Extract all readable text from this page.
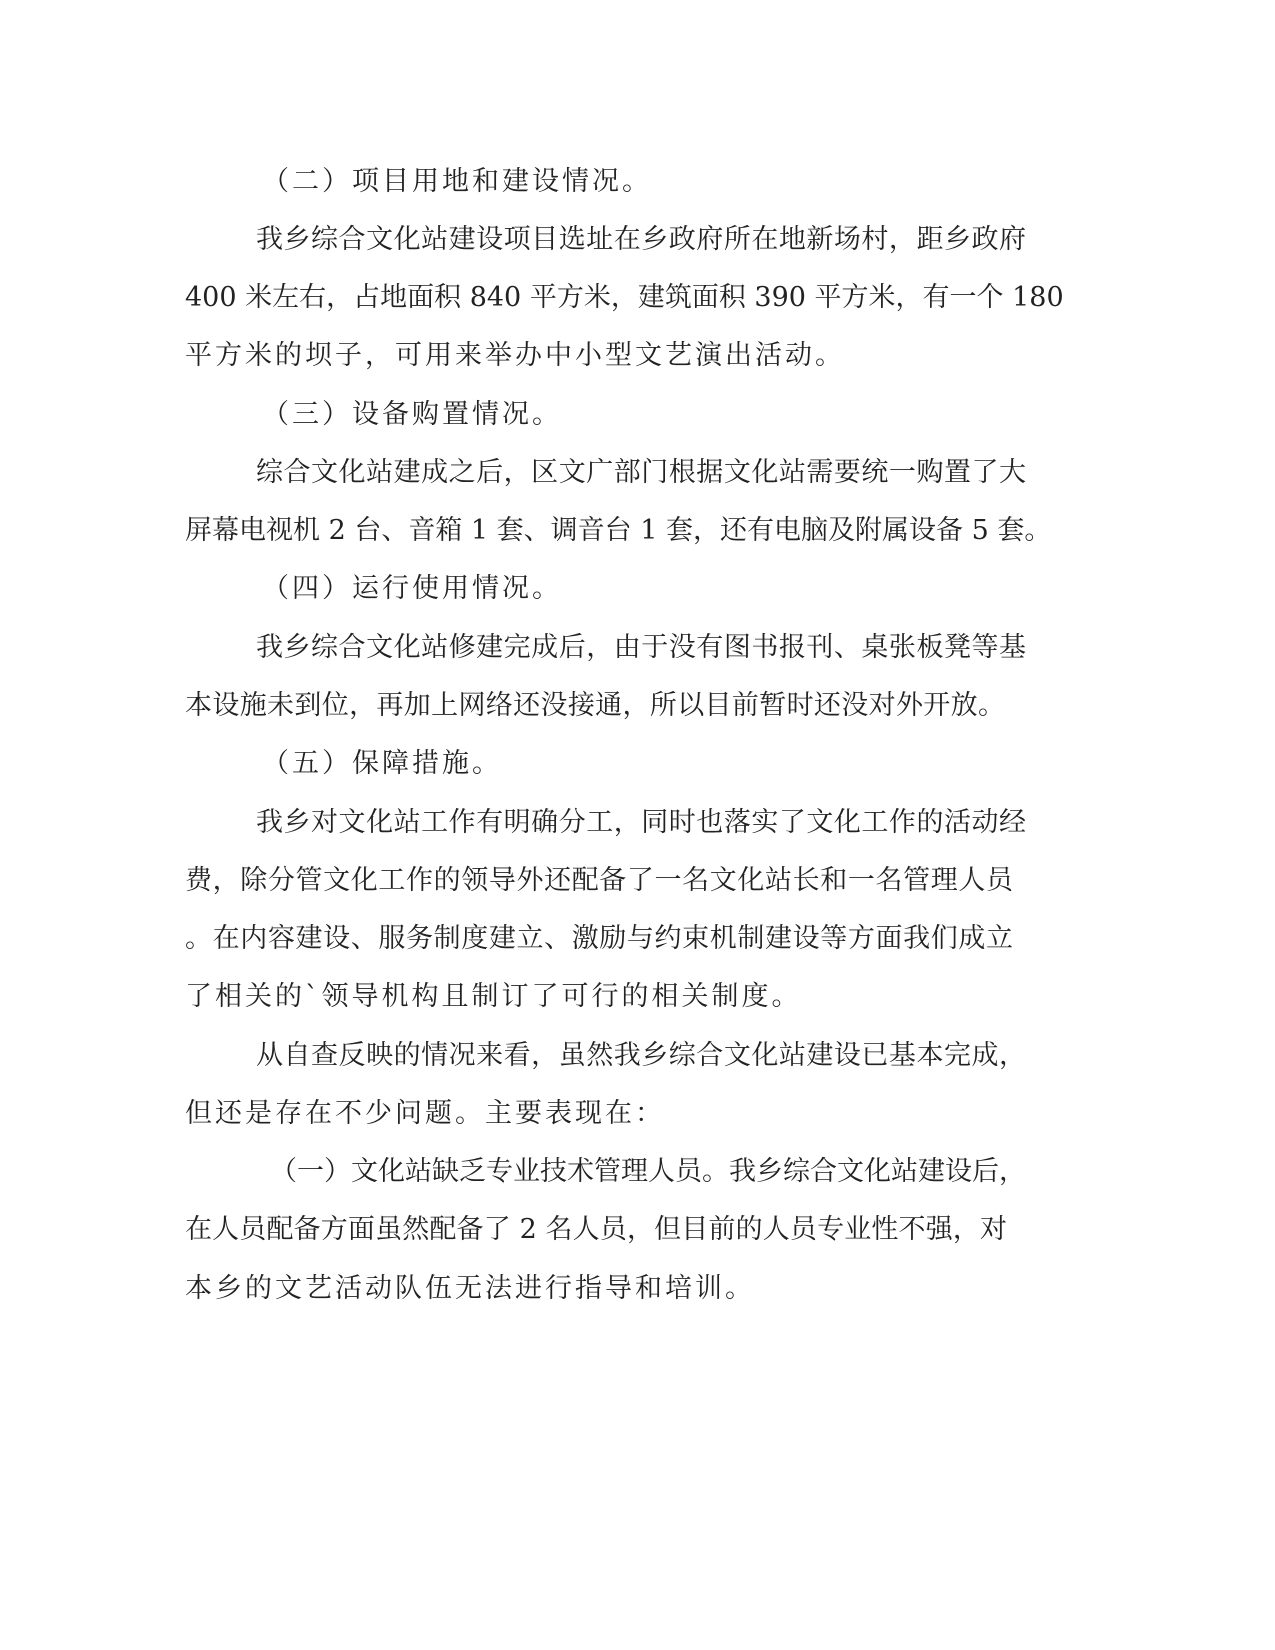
（二）项目用地和建设情况。
我乡综合文化站建设项目选址在乡政府所在地新场村，距乡政府
400 米左右，占地面积 840 平方米，建筑面积 390 平方米，有一个 180
平方米的坝子，可用来举办中小型文艺演出活动。
（三）设备购置情况。
综合文化站建成之后，区文广部门根据文化站需要统一购置了大
屏幕电视机 2 台、音箱 1 套、调音台 1 套，还有电脑及附属设备 5 套。
（四）运行使用情况。
我乡综合文化站修建完成后，由于没有图书报刊、桌张板凳等基
本设施未到位，再加上网络还没接通，所以目前暂时还没对外开放。
（五）保障措施。
我乡对文化站工作有明确分工，同时也落实了文化工作的活动经
费，除分管文化工作的领导外还配备了一名文化站长和一名管理人员
。在内容建设、服务制度建立、激励与约束机制建设等方面我们成立
了相关的`领导机构且制订了可行的相关制度。
从自查反映的情况来看，虽然我乡综合文化站建设已基本完成，
但还是存在不少问题。主要表现在：
（一）文化站缺乏专业技术管理人员。我乡综合文化站建设后，
在人员配备方面虽然配备了 2 名人员，但目前的人员专业性不强，对
本乡的文艺活动队伍无法进行指导和培训。
